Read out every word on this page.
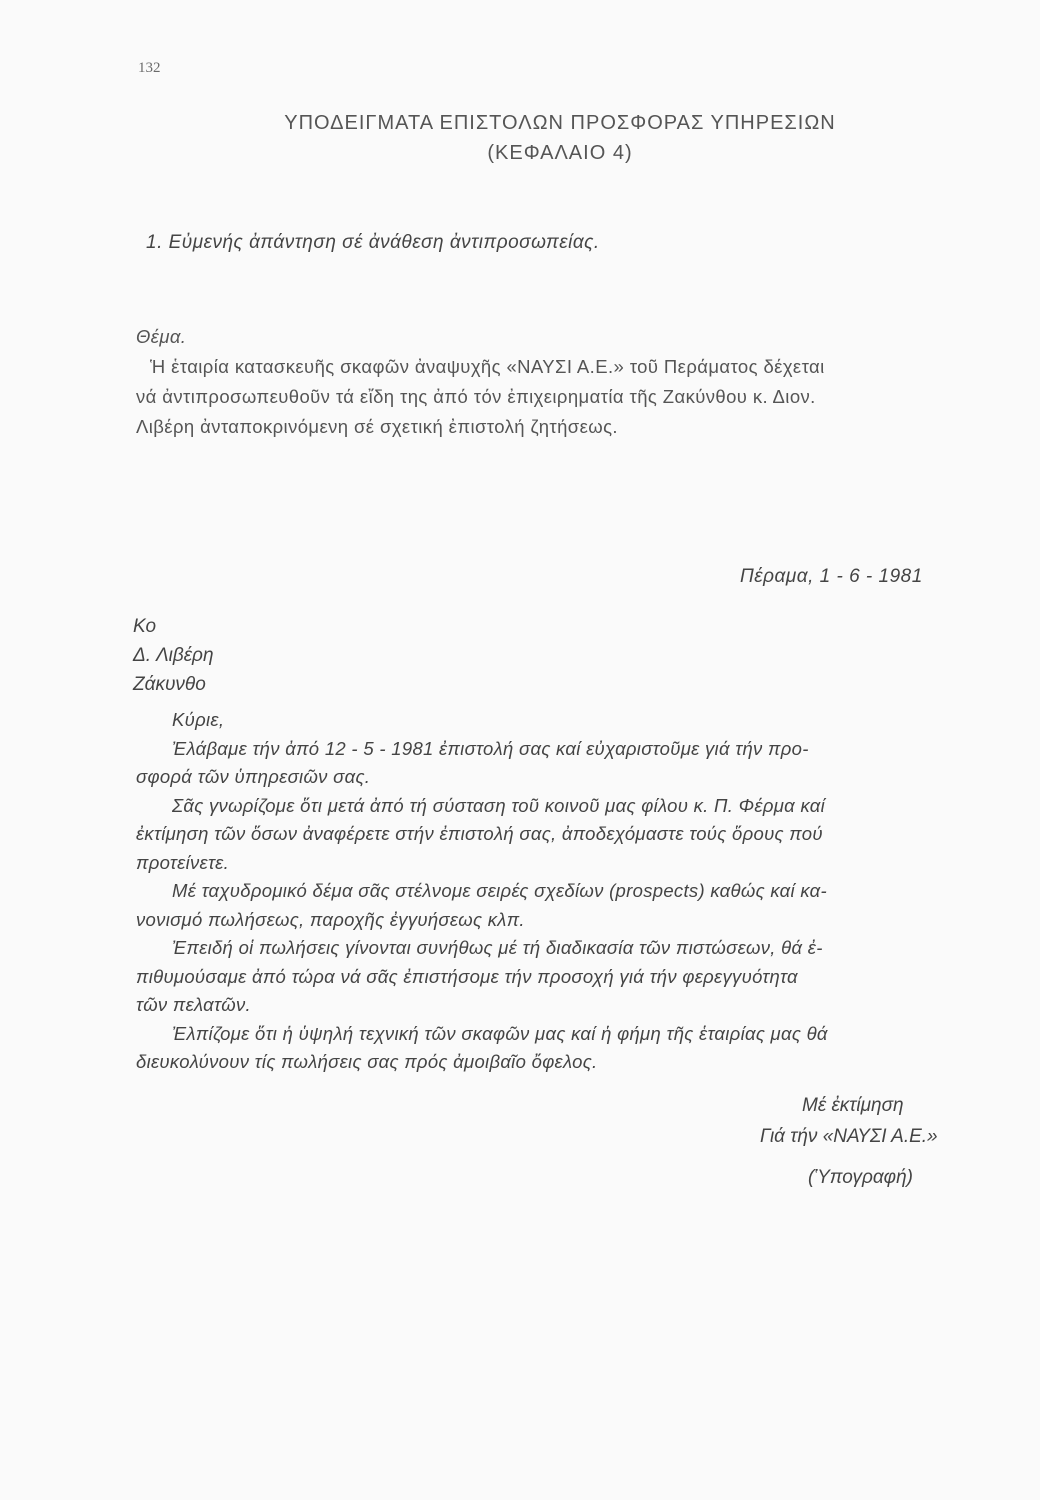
132
ΥΠΟΔΕΙΓΜΑΤΑ ΕΠΙΣΤΟΛΩΝ ΠΡΟΣΦΟΡΑΣ ΥΠΗΡΕΣΙΩΝ
(ΚΕΦΑΛΑΙΟ 4)
1. Εὐμενής ἀπάντηση σέ ἀνάθεση ἀντιπροσωπείας.
Θέμα.
Ἡ ἑταιρία κατασκευῆς σκαφῶν ἀναψυχῆς «ΝΑΥΣΙ Α.Ε.» τοῦ Περάματος δέχεται
νά ἀντιπροσωπευθοῦν τά εἴδη της ἀπό τόν ἐπιχειρηματία τῆς Ζακύνθου κ. Διον.
Λιβέρη ἀνταποκρινόμενη σέ σχετική ἐπιστολή ζητήσεως.
Πέραμα, 1 - 6 - 1981
Κο
Δ. Λιβέρη
Ζάκυνθο
Κύριε,
Ἐλάβαμε τήν ἀπό 12 - 5 - 1981 ἐπιστολή σας καί εὐχαριστοῦμε γιά τήν προ-
σφορά τῶν ὑπηρεσιῶν σας.
Σᾶς γνωρίζομε ὅτι μετά ἀπό τή σύσταση τοῦ κοινοῦ μας φίλου κ. Π. Φέρμα καί
ἐκτίμηση τῶν ὅσων ἀναφέρετε στήν ἐπιστολή σας, ἀποδεχόμαστε τούς ὅρους πού
προτείνετε.
Μέ ταχυδρομικό δέμα σᾶς στέλνομε σειρές σχεδίων (prospects) καθώς καί κα-
νονισμό πωλήσεως, παροχῆς ἐγγυήσεως κλπ.
Ἐπειδή οἱ πωλήσεις γίνονται συνήθως μέ τή διαδικασία τῶν πιστώσεων, θά ἐ-
πιθυμούσαμε ἀπό τώρα νά σᾶς ἐπιστήσομε τήν προσοχή γιά τήν φερεγγυότητα
τῶν πελατῶν.
Ἐλπίζομε ὅτι ἡ ὑψηλή τεχνική τῶν σκαφῶν μας καί ἡ φήμη τῆς ἑταιρίας μας θά
διευκολύνουν τίς πωλήσεις σας πρός ἀμοιβαῖο ὄφελος.
Μέ ἐκτίμηση
Γιά τήν «ΝΑΥΣΙ Α.Ε.»
(Ὑπογραφή)
